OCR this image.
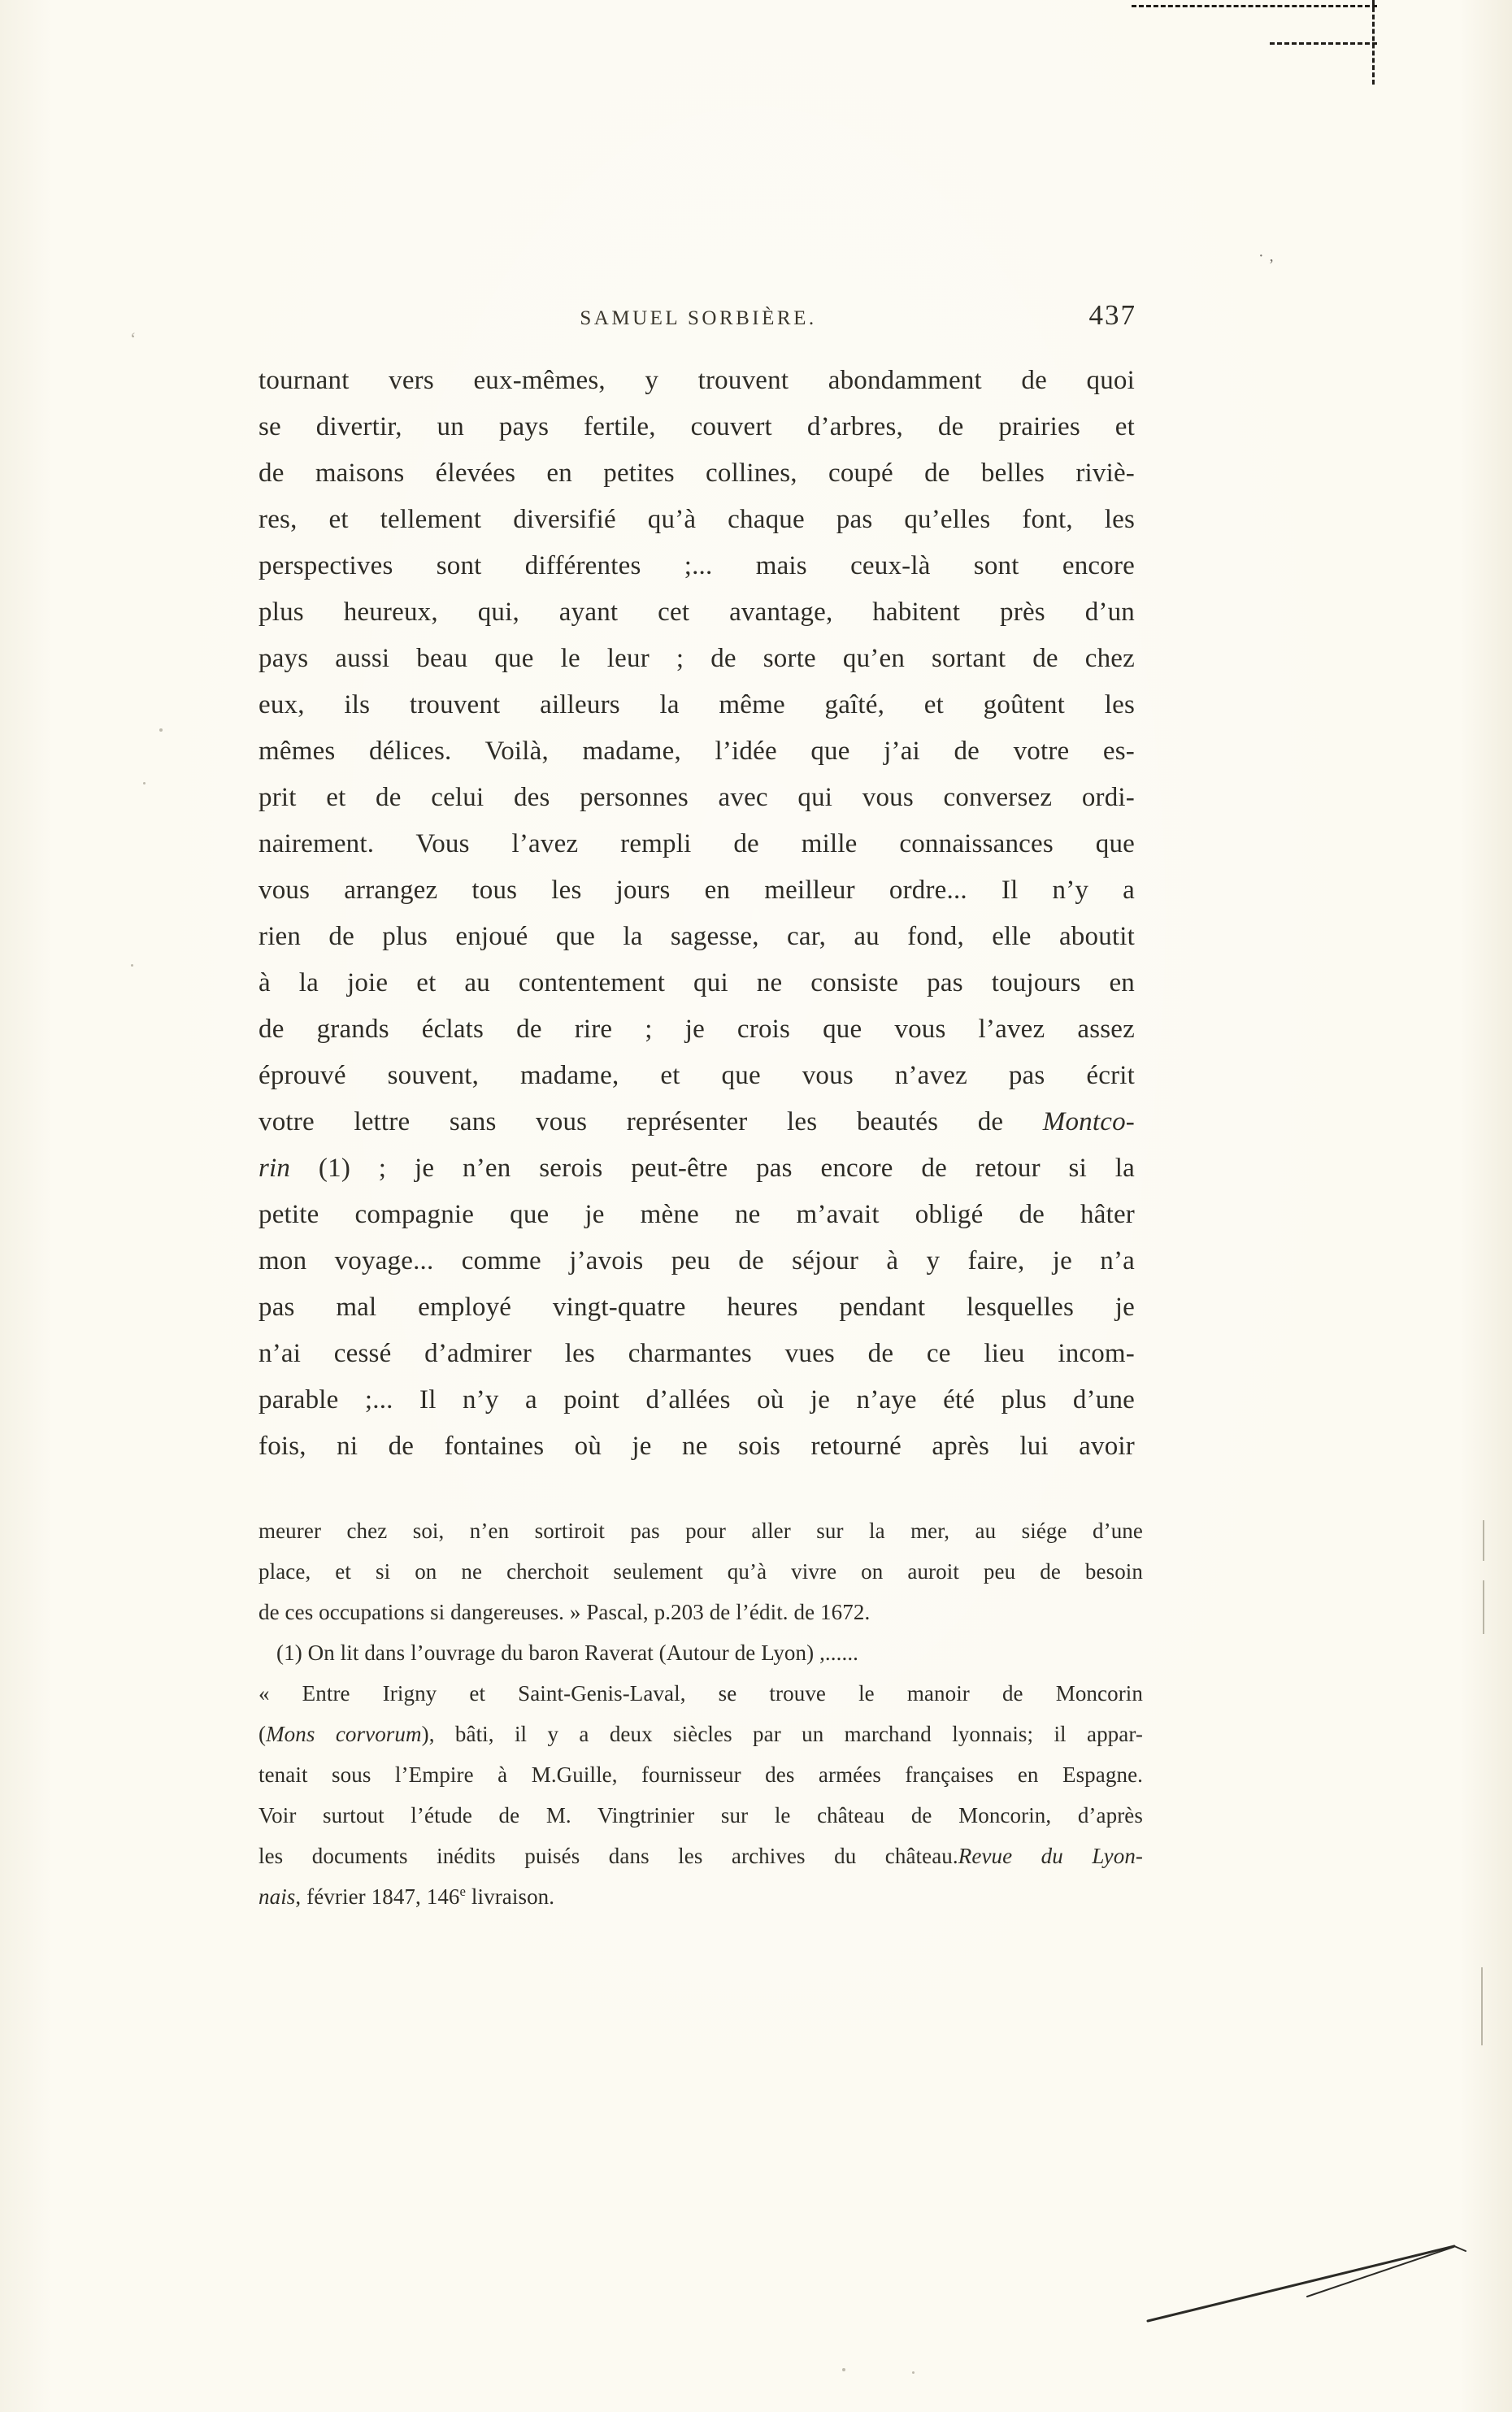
SAMUEL SORBIÈRE.	437
tournant vers eux-mêmes, y trouvent abondamment de quoi
se divertir, un pays fertile, couvert d’arbres, de prairies et
de maisons élevées en petites collines, coupé de belles riviè-
res, et tellement diversifié qu’à chaque pas qu’elles font, les
perspectives sont différentes ;... mais ceux-là sont encore
plus heureux, qui, ayant cet avantage, habitent près d’un
pays aussi beau que le leur ; de sorte qu’en sortant de chez
eux, ils trouvent ailleurs la même gaîté, et goûtent les
mêmes délices. Voilà, madame, l’idée que j’ai de votre es-
prit et de celui des personnes avec qui vous conversez ordi-
nairement. Vous l’avez rempli de mille connaissances que
vous arrangez tous les jours en meilleur ordre... Il n’y a
rien de plus enjoué que la sagesse, car, au fond, elle aboutit
à la joie et au contentement qui ne consiste pas toujours en
de grands éclats de rire ; je crois que vous l’avez assez
éprouvé souvent, madame, et que vous n’avez pas écrit
votre lettre sans vous représenter les beautés de Montco-
rin (1) ; je n’en serois peut-être pas encore de retour si la
petite compagnie que je mène ne m’avait obligé de hâter
mon voyage... comme j’avois peu de séjour à y faire, je n’a
pas mal employé vingt-quatre heures pendant lesquelles je
n’ai cessé d’admirer les charmantes vues de ce lieu incom-
parable ;... Il n’y a point d’allées où je n’aye été plus d’une
fois, ni de fontaines où je ne sois retourné après lui avoir
meurer chez soi, n’en sortiroit pas pour aller sur la mer, au siége d’une
place, et si on ne cherchoit seulement qu’à vivre on auroit peu de besoin
de ces occupations si dangereuses. » Pascal, p.203 de l’édit. de 1672.
(1) On lit dans l’ouvrage du baron Raverat (Autour de Lyon) ,......
« Entre Irigny et Saint-Genis-Laval, se trouve le manoir de Moncorin
(Mons corvorum), bâti, il y a deux siècles par un marchand lyonnais; il appar-
tenait sous l’Empire à M.Guille, fournisseur des armées françaises en Espagne.
Voir surtout l’étude de M. Vingtrinier sur le château de Moncorin, d’après
les documents inédits puisés dans les archives du château.Revue du Lyon-
nais, février 1847, 146e livraison.
·‚
‘
